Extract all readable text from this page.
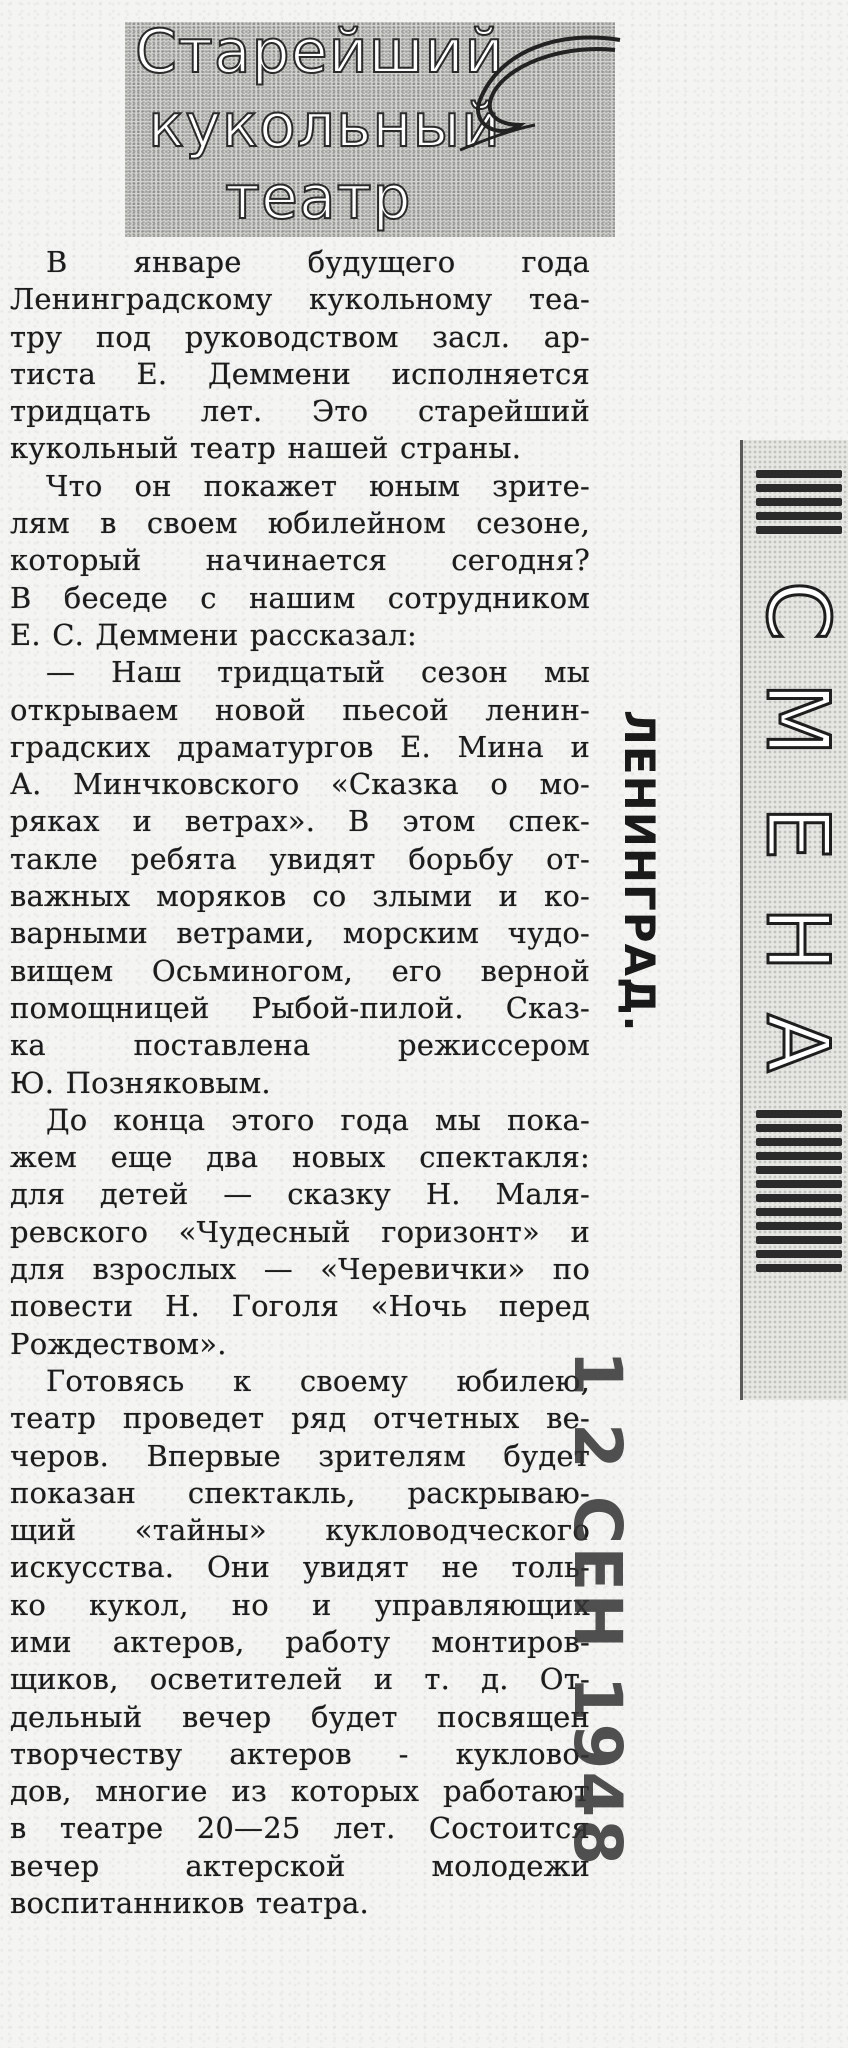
Старейший
кукольный
театр

В январе будущего года
Ленинградскому кукольному теа-
тру под руководством засл. ар-
тиста Е. Деммени исполняется
тридцать лет. Это старейший
кукольный театр нашей страны.

Что он покажет юным зрите-
лям в своем юбилейном сезоне,
который начинается сегодня?
В беседе с нашим сотрудником
Е. С. Деммени рассказал:

— Наш тридцатый сезон мы
открываем новой пьесой ленин-
градских драматургов Е. Мина и
А. Минчковского «Сказка о мо-
ряках и ветрах». В этом спек-
такле ребята увидят борьбу от-
важных моряков со злыми и ко-
варными ветрами, морским чудо-
вищем Осьминогом, его верной
помощницей Рыбой-пилой. Сказ-
ка поставлена режиссером
Ю. Позняковым.

До конца этого года мы пока-
жем еще два новых спектакля:
для детей — сказку Н. Маля-
ревского «Чудесный горизонт» и
для взрослых — «Черевички» по
повести Н. Гоголя «Ночь перед
Рождеством».

Готовясь к своему юбилею,
театр проведет ряд отчетных ве-
черов. Впервые зрителям будет
показан спектакль, раскрываю-
щий «тайны» кукловодческого
искусства. Они увидят не толь-
ко кукол, но и управляющих
ими актеров, работу монтиров-
щиков, осветителей и т. д. От-
дельный вечер будет посвящен
творчеству актеров - кукловo-
дов, многие из которых работают
в театре 20—25 лет. Состоится
вечер актерской молодежи
воспитанников театра.

С
М
Е
Н
А
ЛЕНИНГРАД.
1 2 СЕН 1948
